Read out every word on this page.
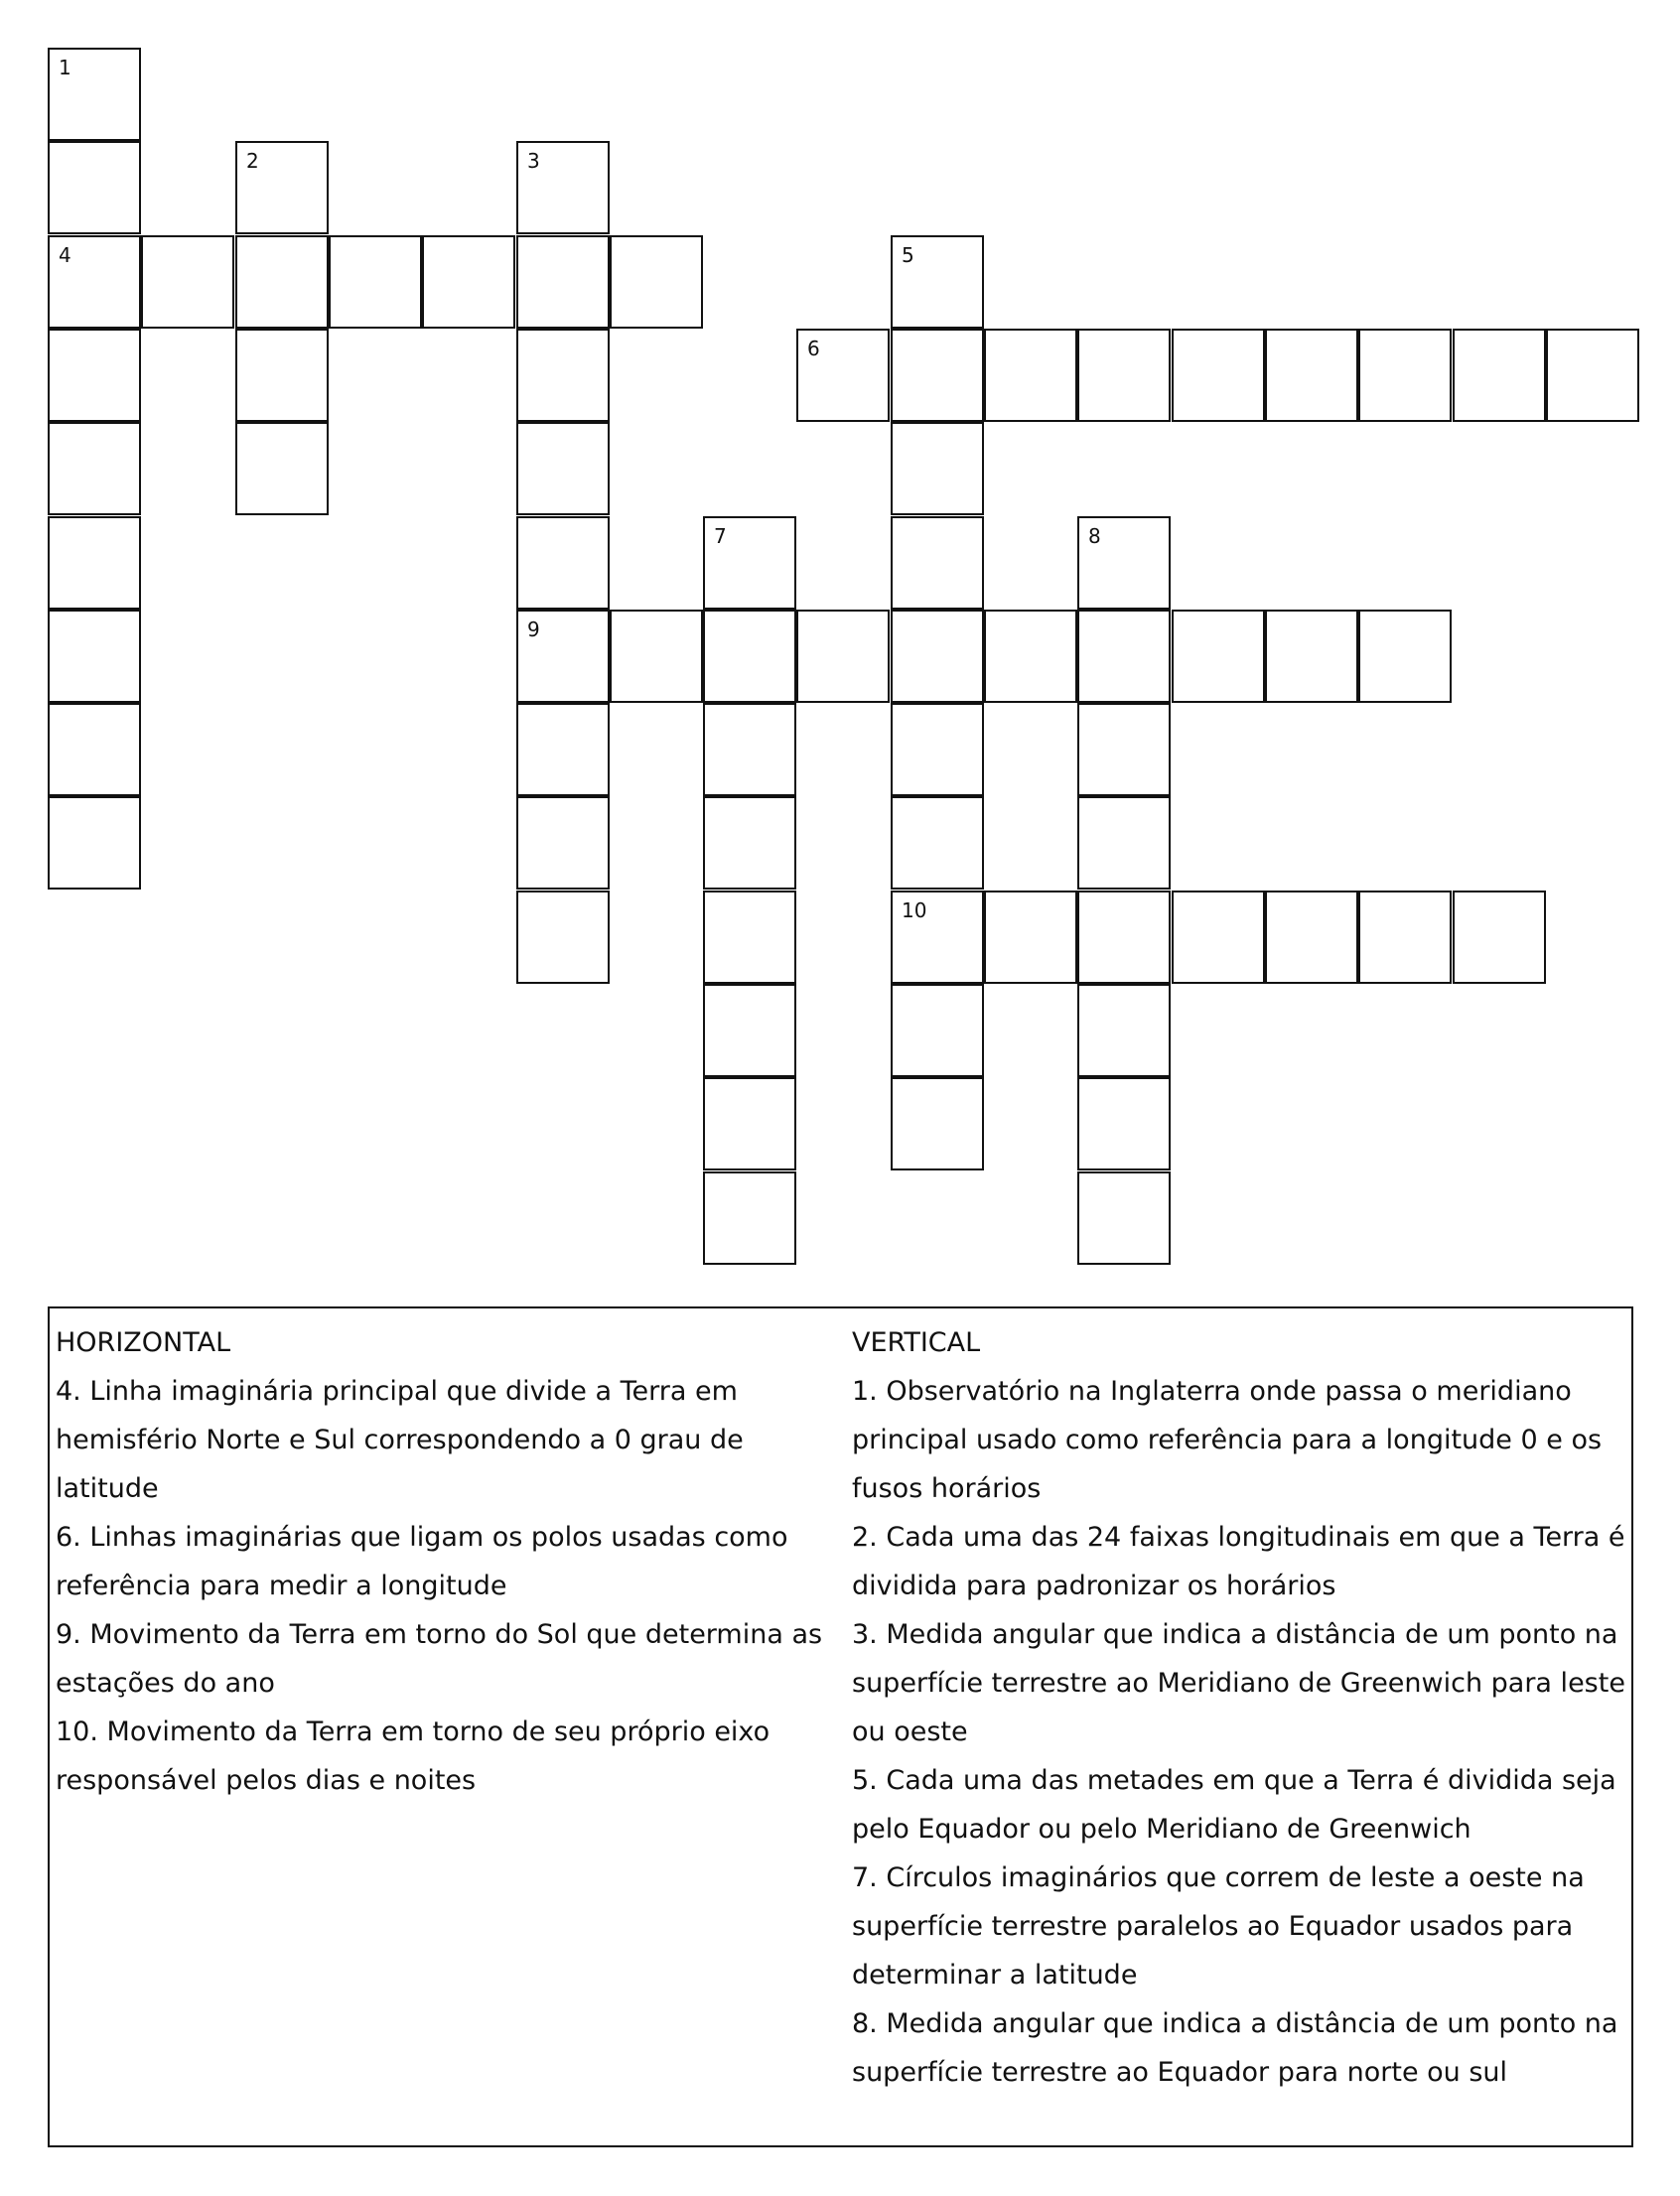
1
4
2	3
9
5
10
6
7	8
HORIZONTAL
4. Linha imaginária principal que divide a Terra em hemisfério Norte e Sul correspondendo a 0 grau de latitude
6. Linhas imaginárias que ligam os polos usadas como referência para medir a longitude
9. Movimento da Terra em torno do Sol que determina as estações do ano
10. Movimento da Terra em torno de seu próprio eixo responsável pelos dias e noites
VERTICAL
1. Observatório na Inglaterra onde passa o meridiano principal usado como referência para a longitude 0 e os fusos horários
2. Cada uma das 24 faixas longitudinais em que a Terra é dividida para padronizar os horários
3. Medida angular que indica a distância de um ponto na superfície terrestre ao Meridiano de Greenwich para leste ou oeste
5. Cada uma das metades em que a Terra é dividida seja pelo Equador ou pelo Meridiano de Greenwich
7. Círculos imaginários que correm de leste a oeste na superfície terrestre paralelos ao Equador usados para determinar a latitude
8. Medida angular que indica a distância de um ponto na superfície terrestre ao Equador para norte ou sul
